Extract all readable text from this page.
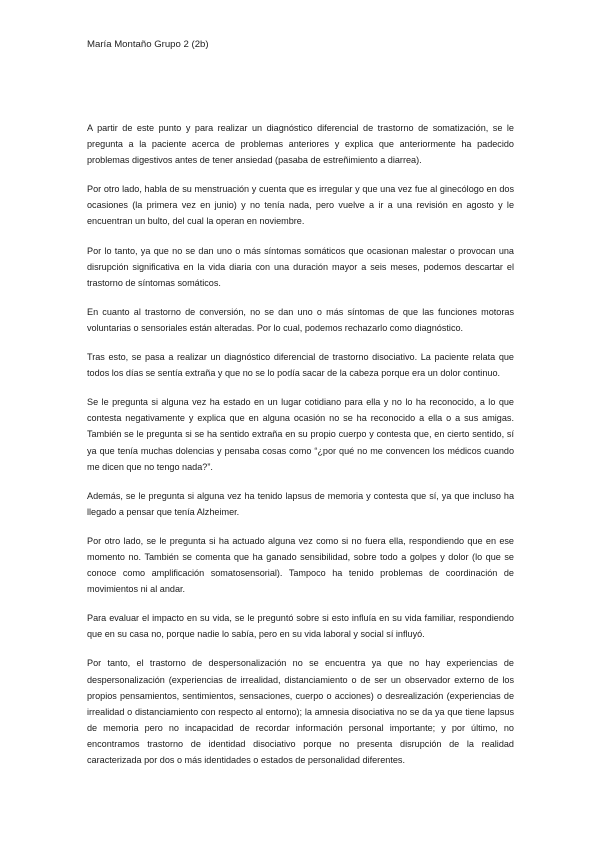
María Montaño Grupo 2 (2b)

A partir de este punto y para realizar un diagnóstico diferencial de trastorno de somatización, se le pregunta a la paciente acerca de problemas anteriores y explica que anteriormente ha padecido problemas digestivos antes de tener ansiedad (pasaba de estreñimiento a diarrea).

Por otro lado, habla de su menstruación y cuenta que es irregular y que una vez fue al ginecólogo en dos ocasiones (la primera vez en junio) y no tenía nada, pero vuelve a ir a una revisión en agosto y le encuentran un bulto, del cual la operan en noviembre.

Por lo tanto, ya que no se dan uno o más síntomas somáticos que ocasionan malestar o provocan una disrupción significativa en la vida diaria con una duración mayor a seis meses, podemos descartar el trastorno de síntomas somáticos.

En cuanto al trastorno de conversión, no se dan uno o más síntomas de que las funciones motoras voluntarias o sensoriales están alteradas. Por lo cual, podemos rechazarlo como diagnóstico.

Tras esto, se pasa a realizar un diagnóstico diferencial de trastorno disociativo. La paciente relata que todos los días se sentía extraña y que no se lo podía sacar de la cabeza porque era un dolor continuo.

Se le pregunta si alguna vez ha estado en un lugar cotidiano para ella y no lo ha reconocido, a lo que contesta negativamente y explica que en alguna ocasión no se ha reconocido a ella o a sus amigas. También se le pregunta si se ha sentido extraña en su propio cuerpo y contesta que, en cierto sentido, sí ya que tenía muchas dolencias y pensaba cosas como “¿por qué no me convencen los médicos cuando me dicen que no tengo nada?”.

Además, se le pregunta si alguna vez ha tenido lapsus de memoria y contesta que sí, ya que incluso ha llegado a pensar que tenía Alzheimer.

Por otro lado, se le pregunta si ha actuado alguna vez como si no fuera ella, respondiendo que en ese momento no. También se comenta que ha ganado sensibilidad, sobre todo a golpes y dolor (lo que se conoce como amplificación somatosensorial). Tampoco ha tenido problemas de coordinación de movimientos ni al andar.

Para evaluar el impacto en su vida, se le preguntó sobre si esto influía en su vida familiar, respondiendo que en su casa no, porque nadie lo sabía, pero en su vida laboral y social sí influyó.

Por tanto, el trastorno de despersonalización no se encuentra ya que no hay experiencias de despersonalización (experiencias de irrealidad, distanciamiento o de ser un observador externo de los propios pensamientos, sentimientos, sensaciones, cuerpo o acciones) o desrealización (experiencias de irrealidad o distanciamiento con respecto al entorno); la amnesia disociativa no se da ya que tiene lapsus de memoria pero no incapacidad de recordar información personal importante; y por último, no encontramos trastorno de identidad disociativo porque no presenta disrupción de la realidad caracterizada por dos o más identidades o estados de personalidad diferentes.
